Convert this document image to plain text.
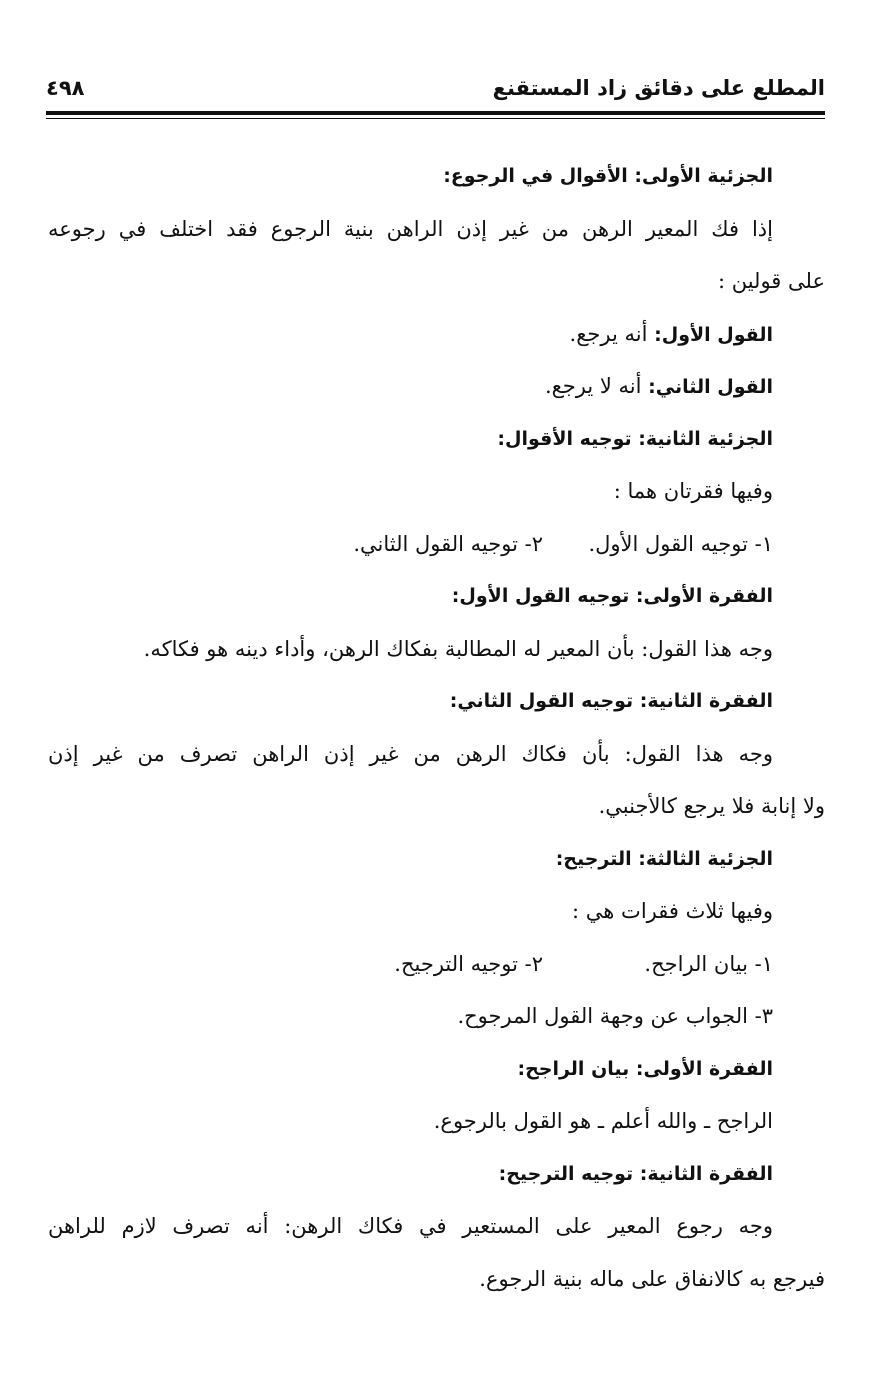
المطلع على دقائق زاد المستقنع
٤٩٨
الجزئية الأولى: الأقوال في الرجوع:
إذا فك المعير الرهن من غير إذن الراهن بنية الرجوع فقد اختلف في رجوعه
على قولين :
القول الأول: أنه يرجع.
القول الثاني: أنه لا يرجع.
الجزئية الثانية: توجيه الأقوال:
وفيها فقرتان هما :
١- توجيه القول الأول.
٢- توجيه القول الثاني.
الفقرة الأولى: توجيه القول الأول:
وجه هذا القول: بأن المعير له المطالبة بفكاك الرهن، وأداء دينه هو فكاكه.
الفقرة الثانية: توجيه القول الثاني:
وجه هذا القول: بأن فكاك الرهن من غير إذن الراهن تصرف من غير إذن
ولا إنابة فلا يرجع كالأجنبي.
الجزئية الثالثة: الترجيح:
وفيها ثلاث فقرات هي :
١- بيان الراجح.
٢- توجيه الترجيح.
٣- الجواب عن وجهة القول المرجوح.
الفقرة الأولى: بيان الراجح:
الراجح ـ والله أعلم ـ هو القول بالرجوع.
الفقرة الثانية: توجيه الترجيح:
وجه رجوع المعير على المستعير في فكاك الرهن: أنه تصرف لازم للراهن
فيرجع به كالانفاق على ماله بنية الرجوع.
